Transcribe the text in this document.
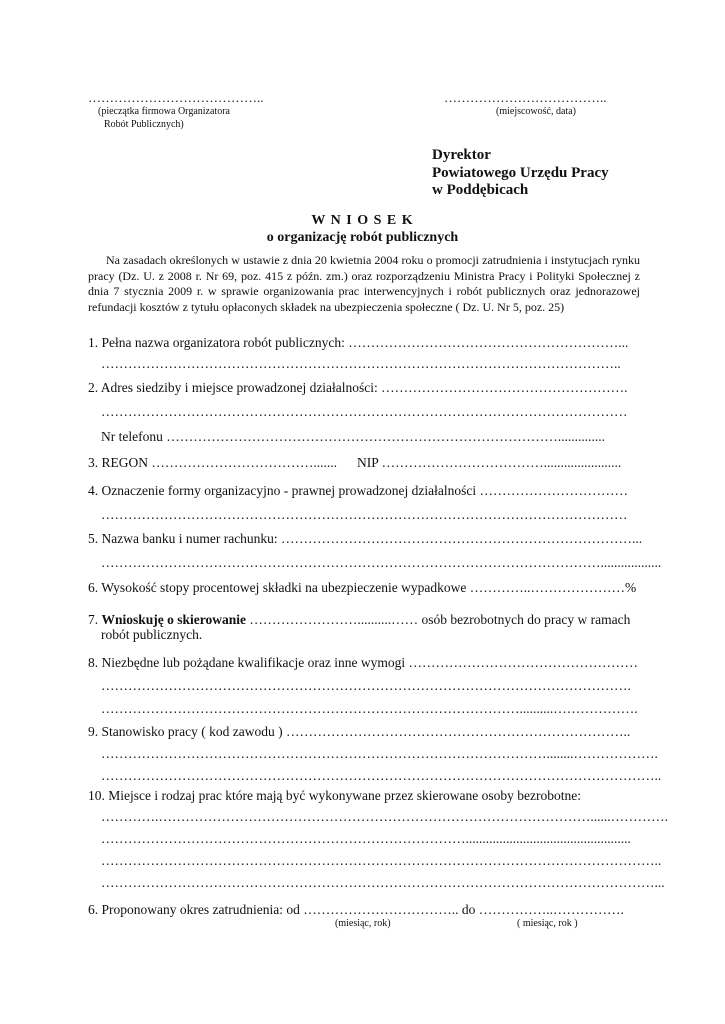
…………………………………..
(pieczątka firmowa Organizatora
Robót Publicznych)
………………………………..
(miejscowość, data)
Dyrektor
Powiatowego Urzędu Pracy
w Poddębicach
W N I O S E K
o organizację robót publicznych
Na zasadach określonych w ustawie z dnia 20 kwietnia 2004 roku o promocji zatrudnienia i instytucjach rynku pracy (Dz. U. z 2008 r. Nr 69, poz. 415 z późn. zm.) oraz rozporządzeniu Ministra Pracy i Polityki Społecznej z dnia 7 stycznia 2009 r. w sprawie organizowania prac interwencyjnych i robót publicznych oraz jednorazowej refundacji kosztów z tytułu opłaconych składek na ubezpieczenia społeczne ( Dz. U. Nr 5, poz. 25)
1. Pełna nazwa organizatora robót publicznych: ……………………………………………………...
……………………………………………………………………………………………………..
2. Adres siedziby i miejsce prowadzonej działalności: ……………………………………………….
………………………………………………………………………………………………………
Nr telefonu ……………………………………………………………………………..............
3. REGON ………………………………....... NIP ……………………………….......................
4. Oznaczenie formy organizacyjno - prawnej prowadzonej działalności ……………………………
………………………………………………………………………………………………………
5. Nazwa banku i numer rachunku: ……………………………………………………………………...
…………………………………………………………………………………………………..................
6. Wysokość stopy procentowej składki na ubezpieczenie wypadkowe …………..…………………%
7. Wnioskuję o skierowanie ……………………..........…… osób bezrobotnych do pracy w ramach
robót publicznych.
8. Niezbędne lub pożądane kwalifikacje oraz inne wymogi ……………………………………………
……………………………………………………………………………………………………….
…………………………………………………………………………………..........……………….
9. Stanowisko pracy ( kod zawodu ) …………………………………………………………………..
………………………………………………………………………………………........……………….
……………………………………………………………………………………………………………..
10. Miejsce i rodzaj prac które mają być wykonywane przez skierowane osoby bezrobotne:
………….……………………………………………………………………………………......………….
……………………………………………………………………….................................................
……………………………………………………………………………………………………………..
……………………………………………………………………………………………………………...
6. Proponowany okres zatrudnienia: od …………………………….. do ……………..…………….
(miesiąc, rok)	( miesiąc, rok )
